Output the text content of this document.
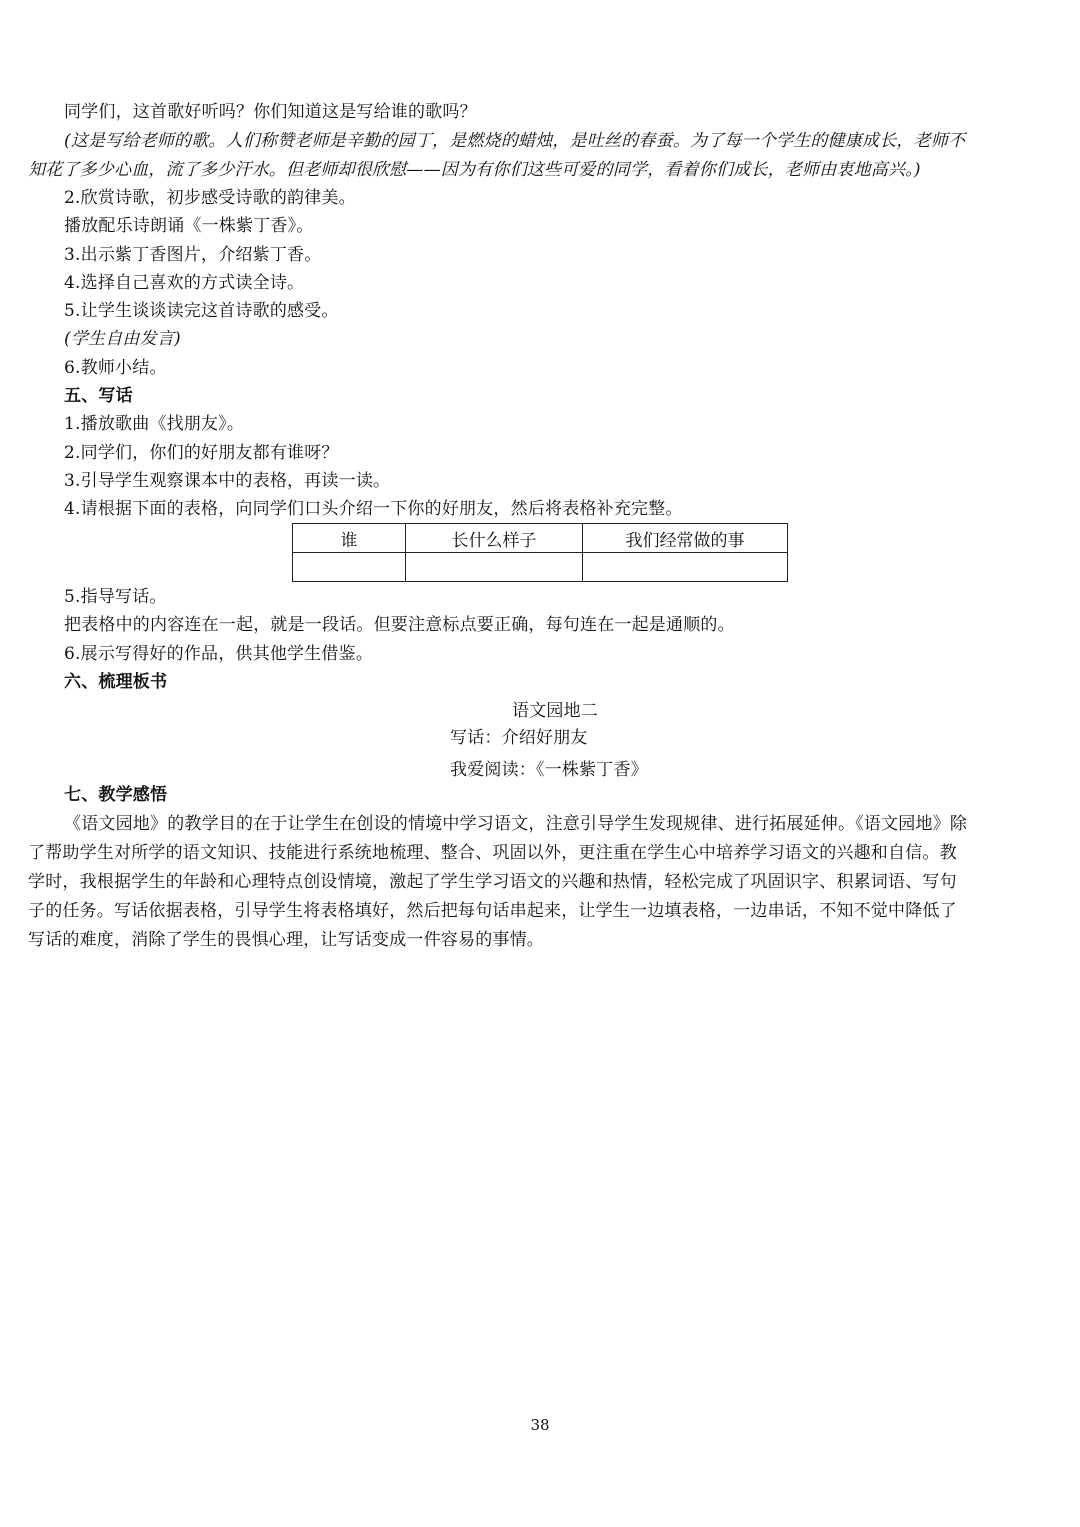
同学们，这首歌好听吗？你们知道这是写给谁的歌吗？
(这是写给老师的歌。人们称赞老师是辛勤的园丁，是燃烧的蜡烛，是吐丝的春蚕。为了每一个学生的健康成长，老师不
知花了多少心血，流了多少汗水。但老师却很欣慰——因为有你们这些可爱的同学，看着你们成长，老师由衷地高兴。)
2.欣赏诗歌，初步感受诗歌的韵律美。
播放配乐诗朗诵《一株紫丁香》。
3.出示紫丁香图片，介绍紫丁香。
4.选择自己喜欢的方式读全诗。
5.让学生谈谈读完这首诗歌的感受。
(学生自由发言)
6.教师小结。
五、写话
1.播放歌曲《找朋友》。
2.同学们，你们的好朋友都有谁呀？
3.引导学生观察课本中的表格，再读一读。
4.请根据下面的表格，向同学们口头介绍一下你的好朋友，然后将表格补充完整。
谁	长什么样子	我们经常做的事

5.指导写话。
把表格中的内容连在一起，就是一段话。但要注意标点要正确，每句连在一起是通顺的。
6.展示写得好的作品，供其他学生借鉴。
六、梳理板书
语文园地二
写话：介绍好朋友
我爱阅读：《一株紫丁香》
七、教学感悟
《语文园地》的教学目的在于让学生在创设的情境中学习语文，注意引导学生发现规律、进行拓展延伸。《语文园地》除
了帮助学生对所学的语文知识、技能进行系统地梳理、整合、巩固以外，更注重在学生心中培养学习语文的兴趣和自信。教
学时，我根据学生的年龄和心理特点创设情境，激起了学生学习语文的兴趣和热情，轻松完成了巩固识字、积累词语、写句
子的任务。写话依据表格，引导学生将表格填好，然后把每句话串起来，让学生一边填表格，一边串话，不知不觉中降低了
写话的难度，消除了学生的畏惧心理，让写话变成一件容易的事情。
38
